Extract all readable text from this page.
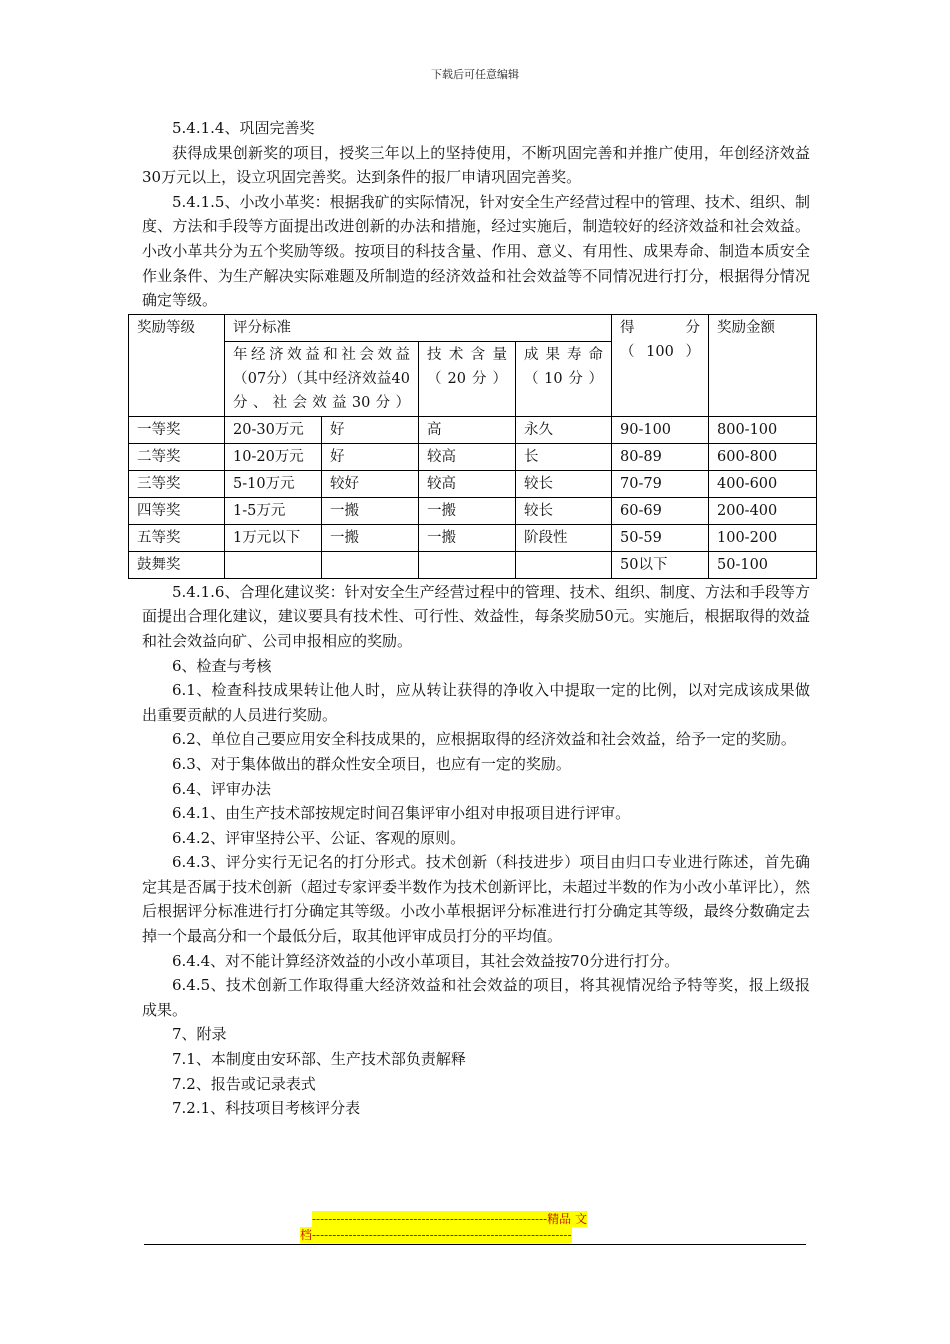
下载后可任意编辑

5.4.1.4、巩固完善奖

获得成果创新奖的项目，授奖三年以上的坚持使用，不断巩固完善和并推广使用，年创经济效益30万元以上，设立巩固完善奖。达到条件的报厂申请巩固完善奖。

5.4.1.5、小改小革奖：根据我矿的实际情况，针对安全生产经营过程中的管理、技术、组织、制度、方法和手段等方面提出改进创新的办法和措施，经过实施后，制造较好的经济效益和社会效益。小改小革共分为五个奖励等级。按项目的科技含量、作用、意义、有用性、成果寿命、制造本质安全作业条件、为生产解决实际难题及所制造的经济效益和社会效益等不同情况进行打分，根据得分情况确定等级。

奖励等级	评分标准				得　　分（100）	奖励金额
	年经济效益和社会效益（07分）（其中经济效益40分、社会效益30分）		技术含量（20分）	成果寿命（10分）		
一等奖	20-30万元	好	高	永久	90-100	800-100
二等奖	10-20万元	好	较高	长	80-89	600-800
三等奖	5-10万元	较好	较高	较长	70-79	400-600
四等奖	1-5万元	一搬	一搬	较长	60-69	200-400
五等奖	1万元以下	一搬	一搬	阶段性	50-59	100-200
鼓舞奖					50以下	50-100

5.4.1.6、合理化建议奖：针对安全生产经营过程中的管理、技术、组织、制度、方法和手段等方面提出合理化建议，建议要具有技术性、可行性、效益性，每条奖励50元。实施后，根据取得的效益和社会效益向矿、公司申报相应的奖励。

6、检查与考核

6.1、检查科技成果转让他人时，应从转让获得的净收入中提取一定的比例，以对完成该成果做出重要贡献的人员进行奖励。

6.2、单位自己要应用安全科技成果的，应根据取得的经济效益和社会效益，给予一定的奖励。

6.3、对于集体做出的群众性安全项目，也应有一定的奖励。

6.4、评审办法

6.4.1、由生产技术部按规定时间召集评审小组对申报项目进行评审。

6.4.2、评审坚持公平、公证、客观的原则。

6.4.3、评分实行无记名的打分形式。技术创新（科技进步）项目由归口专业进行陈述，首先确定其是否属于技术创新（超过专家评委半数作为技术创新评比，未超过半数的作为小改小革评比），然后根据评分标准进行打分确定其等级。小改小革根据评分标准进行打分确定其等级，最终分数确定去掉一个最高分和一个最低分后，取其他评审成员打分的平均值。

6.4.4、对不能计算经济效益的小改小革项目，其社会效益按70分进行打分。

6.4.5、技术创新工作取得重大经济效益和社会效益的项目，将其视情况给予特等奖，报上级报成果。

7、附录

7.1、本制度由安环部、生产技术部负责解释

7.2、报告或记录表式

7.2.1、科技项目考核评分表

----------------------------------------------------------精品 文
档----------------------------------------------------------------
